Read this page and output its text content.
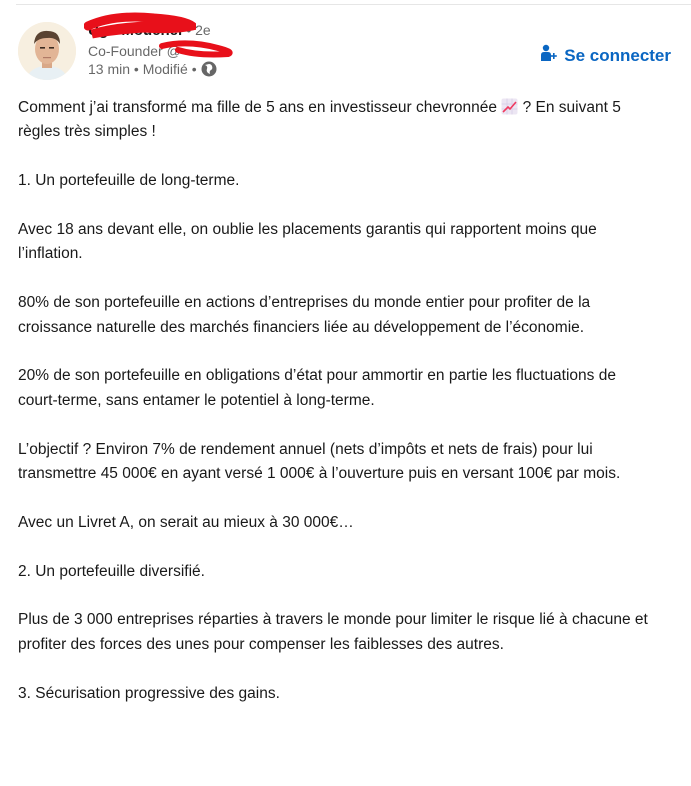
Ugo Mouchel • 2e
Co-Founder @
13 min • Modifié •
Se connecter

Comment j’ai transformé ma fille de 5 ans en investisseur chevronnée  ? En suivant 5 règles très simples !

1. Un portefeuille de long-terme.

Avec 18 ans devant elle, on oublie les placements garantis qui rapportent moins que l’inflation.

80% de son portefeuille en actions d’entreprises du monde entier pour profiter de la croissance naturelle des marchés financiers liée au développement de l’économie.

20% de son portefeuille en obligations d’état pour ammortir en partie les fluctuations de court-terme, sans entamer le potentiel à long-terme.

L’objectif ? Environ 7% de rendement annuel (nets d’impôts et nets de frais) pour lui transmettre 45 000€ en ayant versé 1 000€ à l’ouverture puis en versant 100€ par mois.

Avec un Livret A, on serait au mieux à 30 000€…

2. Un portefeuille diversifié.

Plus de 3 000 entreprises réparties à travers le monde pour limiter le risque lié à chacune et profiter des forces des unes pour compenser les faiblesses des autres.

3. Sécurisation progressive des gains.
